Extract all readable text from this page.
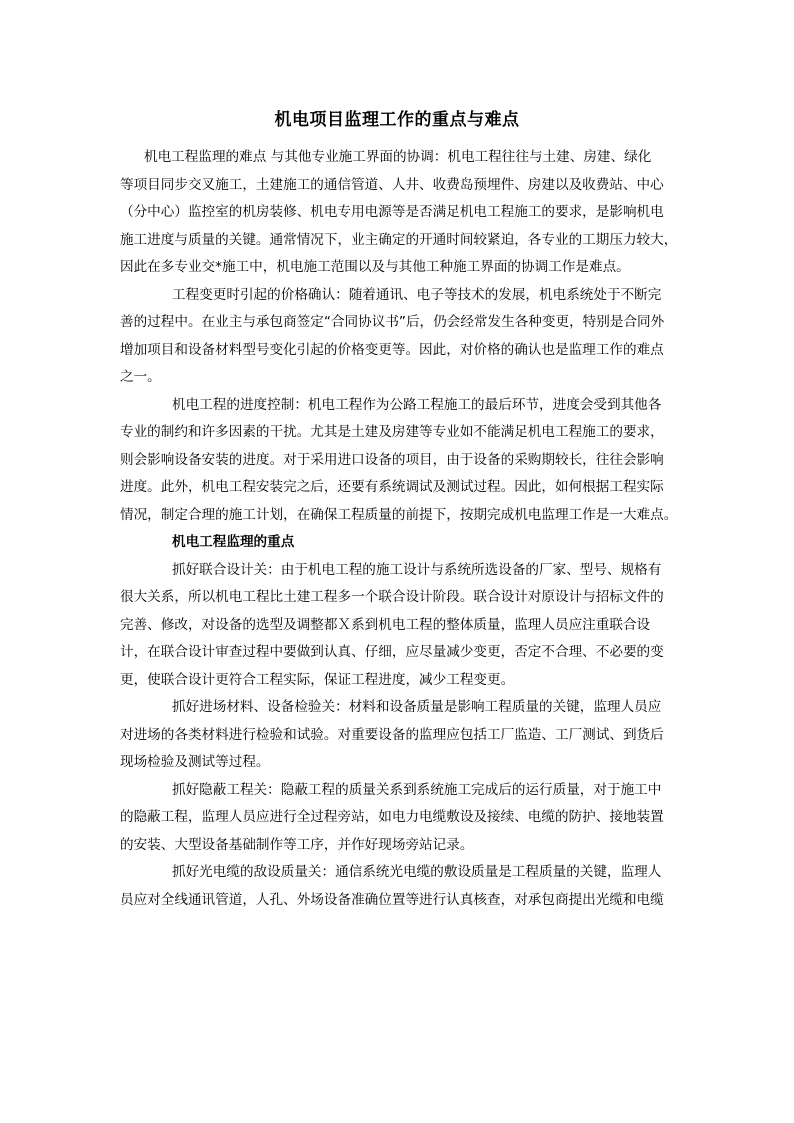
机电项目监理工作的重点与难点
机电工程监理的难点 与其他专业施工界面的协调：机电工程往往与土建、房建、绿化
等项目同步交叉施工，土建施工的通信管道、人井、收费岛预埋件、房建以及收费站、中心
（分中心）监控室的机房装修、机电专用电源等是否满足机电工程施工的要求，是影响机电
施工进度与质量的关键。通常情况下，业主确定的开通时间较紧迫，各专业的工期压力较大，
因此在多专业交*施工中，机电施工范围以及与其他工种施工界面的协调工作是难点。
工程变更时引起的价格确认：随着通讯、电子等技术的发展，机电系统处于不断完
善的过程中。在业主与承包商签定“合同协议书”后，仍会经常发生各种变更，特别是合同外
增加项目和设备材料型号变化引起的价格变更等。因此，对价格的确认也是监理工作的难点
之一。
机电工程的进度控制：机电工程作为公路工程施工的最后环节，进度会受到其他各
专业的制约和许多因素的干扰。尤其是土建及房建等专业如不能满足机电工程施工的要求，
则会影响设备安装的进度。对于采用进口设备的项目，由于设备的采购期较长，往往会影响
进度。此外，机电工程安装完之后，还要有系统调试及测试过程。因此，如何根据工程实际
情况，制定合理的施工计划，在确保工程质量的前提下，按期完成机电监理工作是一大难点。
机电工程监理的重点
抓好联合设计关：由于机电工程的施工设计与系统所选设备的厂家、型号、规格有
很大关系，所以机电工程比土建工程多一个联合设计阶段。联合设计对原设计与招标文件的
完善、修改，对设备的选型及调整都Ｘ系到机电工程的整体质量，监理人员应注重联合设
计，在联合设计审查过程中要做到认真、仔细，应尽量减少变更，否定不合理、不必要的变
更，使联合设计更符合工程实际，保证工程进度，减少工程变更。
抓好进场材料、设备检验关：材料和设备质量是影响工程质量的关键，监理人员应
对进场的各类材料进行检验和试验。对重要设备的监理应包括工厂监造、工厂测试、到货后
现场检验及测试等过程。
抓好隐蔽工程关：隐蔽工程的质量关系到系统施工完成后的运行质量，对于施工中
的隐蔽工程，监理人员应进行全过程旁站，如电力电缆敷设及接续、电缆的防护、接地装置
的安装、大型设备基础制作等工序，并作好现场旁站记录。
抓好光电缆的敌设质量关：通信系统光电缆的敷设质量是工程质量的关键，监理人
员应对全线通讯管道，人孔、外场设备准确位置等进行认真核查，对承包商提出光缆和电缆
